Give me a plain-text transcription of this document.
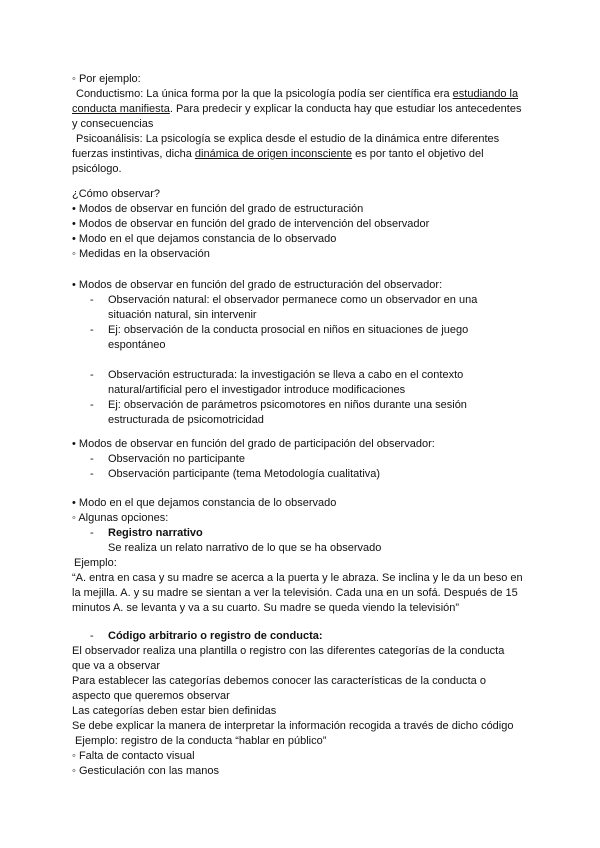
◦ Por ejemplo:
Conductismo: La única forma por la que la psicología podía ser científica era estudiando la
conducta manifiesta. Para predecir y explicar la conducta hay que estudiar los antecedentes
y consecuencias
Psicoanálisis: La psicología se explica desde el estudio de la dinámica entre diferentes
fuerzas instintivas, dicha dinámica de origen inconsciente es por tanto el objetivo del
psicólogo.
¿Cómo observar?
• Modos de observar en función del grado de estructuración
• Modos de observar en función del grado de intervención del observador
• Modo en el que dejamos constancia de lo observado
◦ Medidas en la observación
• Modos de observar en función del grado de estructuración del observador:
- Observación natural: el observador permanece como un observador en una
situación natural, sin intervenir
- Ej: observación de la conducta prosocial en niños en situaciones de juego
espontáneo
- Observación estructurada: la investigación se lleva a cabo en el contexto
natural/artificial pero el investigador introduce modificaciones
- Ej: observación de parámetros psicomotores en niños durante una sesión
estructurada de psicomotricidad
• Modos de observar en función del grado de participación del observador:
- Observación no participante
- Observación participante (tema Metodología cualitativa)
• Modo en el que dejamos constancia de lo observado
◦ Algunas opciones:
- Registro narrativo
Se realiza un relato narrativo de lo que se ha observado
Ejemplo:
“A. entra en casa y su madre se acerca a la puerta y le abraza. Se inclina y le da un beso en
la mejilla. A. y su madre se sientan a ver la televisión. Cada una en un sofá. Después de 15
minutos A. se levanta y va a su cuarto. Su madre se queda viendo la televisión”
- Código arbitrario o registro de conducta:
El observador realiza una plantilla o registro con las diferentes categorías de la conducta
que va a observar
Para establecer las categorías debemos conocer las características de la conducta o
aspecto que queremos observar
Las categorías deben estar bien definidas
Se debe explicar la manera de interpretar la información recogida a través de dicho código
Ejemplo: registro de la conducta “hablar en público”
◦ Falta de contacto visual
◦ Gesticulación con las manos
